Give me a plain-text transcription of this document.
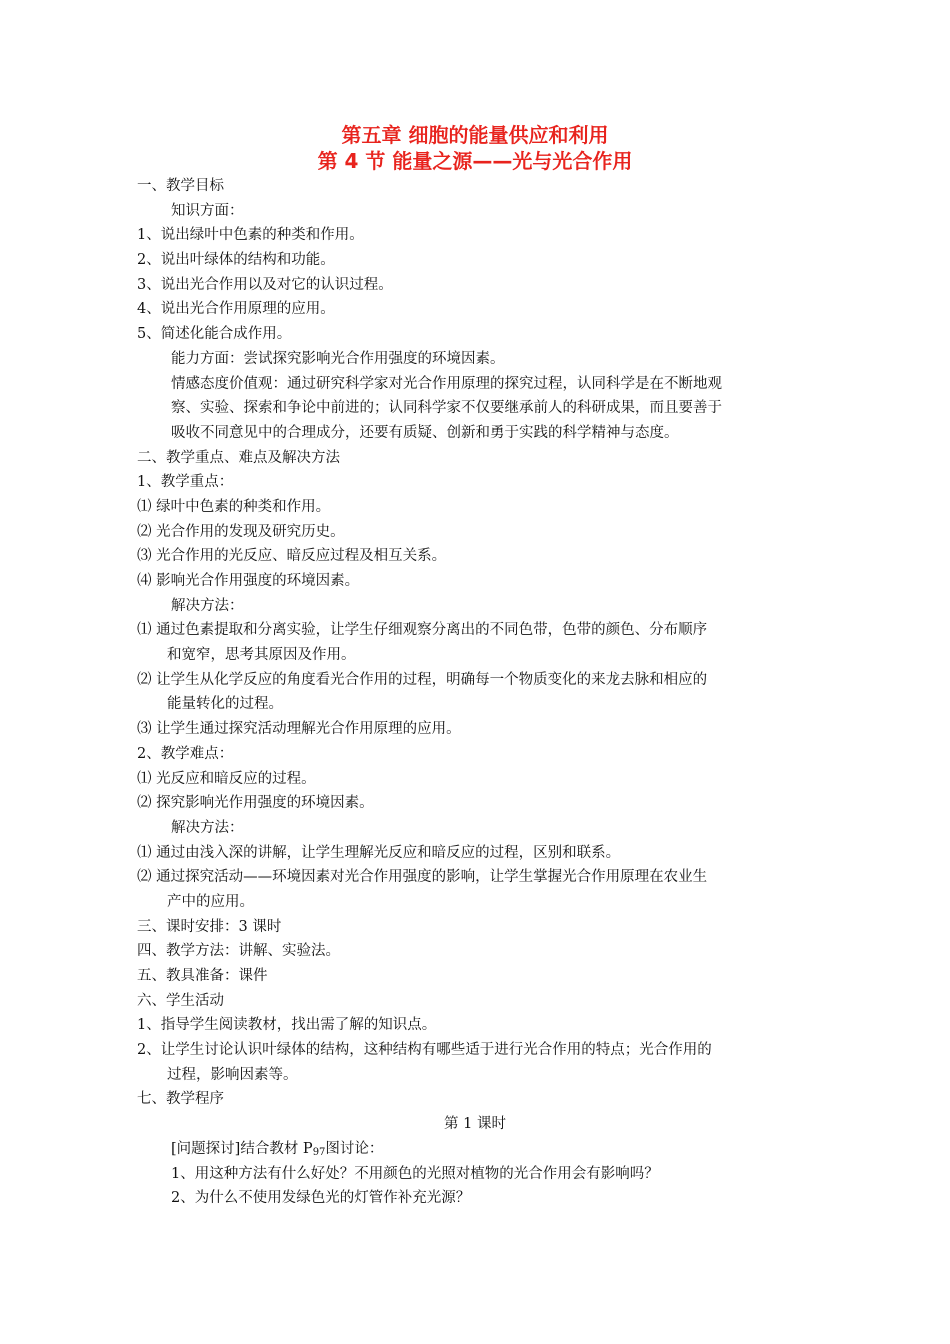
第五章 细胞的能量供应和利用
第 4 节 能量之源——光与光合作用
一、教学目标
知识方面：
1、说出绿叶中色素的种类和作用。
2、说出叶绿体的结构和功能。
3、说出光合作用以及对它的认识过程。
4、说出光合作用原理的应用。
5、简述化能合成作用。
能力方面：尝试探究影响光合作用强度的环境因素。
情感态度价值观：通过研究科学家对光合作用原理的探究过程，认同科学是在不断地观
察、实验、探索和争论中前进的；认同科学家不仅要继承前人的科研成果，而且要善于
吸收不同意见中的合理成分，还要有质疑、创新和勇于实践的科学精神与态度。
二、教学重点、难点及解决方法
1、教学重点：
⑴ 绿叶中色素的种类和作用。
⑵ 光合作用的发现及研究历史。
⑶ 光合作用的光反应、暗反应过程及相互关系。
⑷ 影响光合作用强度的环境因素。
解决方法：
⑴ 通过色素提取和分离实验，让学生仔细观察分离出的不同色带，色带的颜色、分布顺序
和宽窄，思考其原因及作用。
⑵ 让学生从化学反应的角度看光合作用的过程，明确每一个物质变化的来龙去脉和相应的
能量转化的过程。
⑶ 让学生通过探究活动理解光合作用原理的应用。
2、教学难点：
⑴ 光反应和暗反应的过程。
⑵ 探究影响光作用强度的环境因素。
解决方法：
⑴ 通过由浅入深的讲解，让学生理解光反应和暗反应的过程，区别和联系。
⑵ 通过探究活动——环境因素对光合作用强度的影响，让学生掌握光合作用原理在农业生
产中的应用。
三、课时安排：3 课时
四、教学方法：讲解、实验法。
五、教具准备：课件
六、学生活动
1、指导学生阅读教材，找出需了解的知识点。
2、让学生讨论认识叶绿体的结构，这种结构有哪些适于进行光合作用的特点；光合作用的
过程，影响因素等。
七、教学程序
第 1 课时
[问题探讨]结合教材 $P_{97}$图讨论：
1、用这种方法有什么好处？不用颜色的光照对植物的光合作用会有影响吗？
2、为什么不使用发绿色光的灯管作补充光源？
